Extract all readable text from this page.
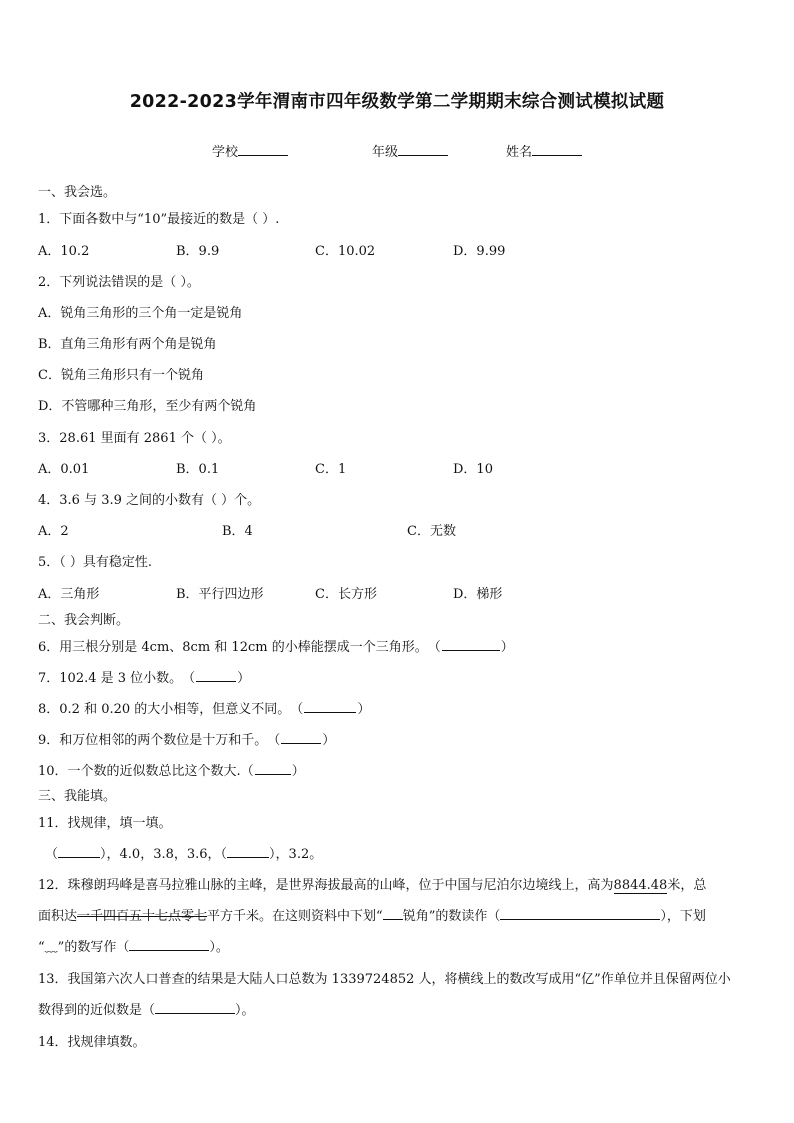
2022-2023学年渭南市四年级数学第二学期期末综合测试模拟试题
学校	年级	姓名
一、我会选。
1．下面各数中与“10”最接近的数是（ ）.
A．10.2	B．9.9	C．10.02	D．9.99
2．下列说法错误的是（ ）。
A．锐角三角形的三个角一定是锐角
B．直角三角形有两个角是锐角
C．锐角三角形只有一个锐角
D．不管哪种三角形，至少有两个锐角
3．28.61 里面有 2861 个（ ）。
A．0.01	B．0.1	C．1	D．10
4．3.6 与 3.9 之间的小数有（ ）个。
A．2	B．4	C．无数
5．（ ）具有稳定性.
A．三角形	B．平行四边形	C．长方形	D．梯形
二、我会判断。
6．用三根分别是 4cm、8cm 和 12cm 的小棒能摆成一个三角形。（	）
7．102.4 是 3 位小数。（	）
8．0.2 和 0.20 的大小相等，但意义不同。（	）
9．和万位相邻的两个数位是十万和千。（	）
10．一个数的近似数总比这个数大.（	）
三、我能填。
11．找规律，填一填。
（	），4.0，3.8，3.6，（	），3.2。
12．珠穆朗玛峰是喜马拉雅山脉的主峰，是世界海拔最高的山峰，位于中国与尼泊尔边境线上，高为8844.48米，总
面积达一千四百五十七点零七平方千米。在这则资料中下划“ 锐角”的数读作（	），下划
“﹏”的数写作（	）。
13．我国第六次人口普查的结果是大陆人口总数为 1339724852 人，将横线上的数改写成用“亿”作单位并且保留两位小
数得到的近似数是（	）。
14．找规律填数。
